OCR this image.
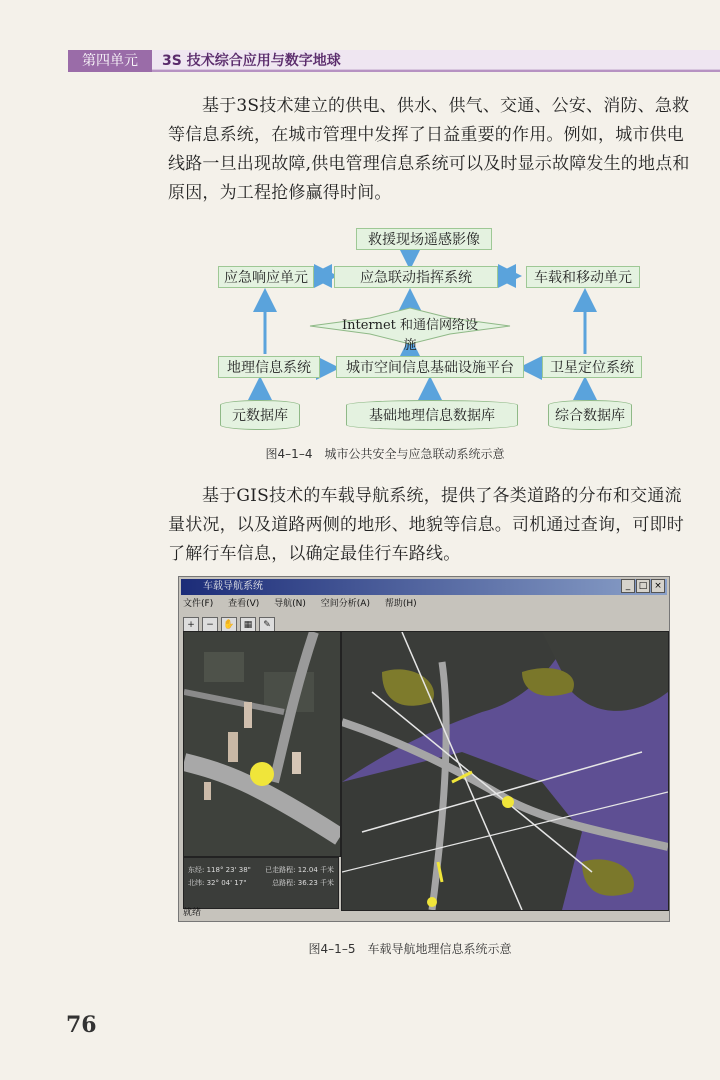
第四单元	3S 技术综合应用与数字地球

基于3S技术建立的供电、供水、供气、交通、公安、消防、急救等信息系统，在城市管理中发挥了日益重要的作用。例如，城市供电线路一旦出现故障,供电管理信息系统可以及时显示故障发生的地点和原因，为工程抢修赢得时间。

救援现场遥感影像
应急响应单元	应急联动指挥系统	车载和移动单元
Internet 和通信网络设施
地理信息系统	城市空间信息基础设施平台	卫星定位系统
元数据库	基础地理信息数据库	综合数据库
图4–1–4　城市公共安全与应急联动系统示意

基于GIS技术的车载导航系统，提供了各类道路的分布和交通流量状况，以及道路两侧的地形、地貌等信息。司机通过查询，可即时了解行车信息，以确定最佳行车路线。

车载导航系统	_ □ ×
文件(F) 查看(V) 导航(N) 空间分析(A) 帮助(H)
+ − ✋ ▦ ✎
东经: 118° 23' 38" 已走路程: 12.04 千米
北纬: 32° 04' 17"	总路程: 36.23 千米
就绪
图4–1–5　车载导航地理信息系统示意
76
